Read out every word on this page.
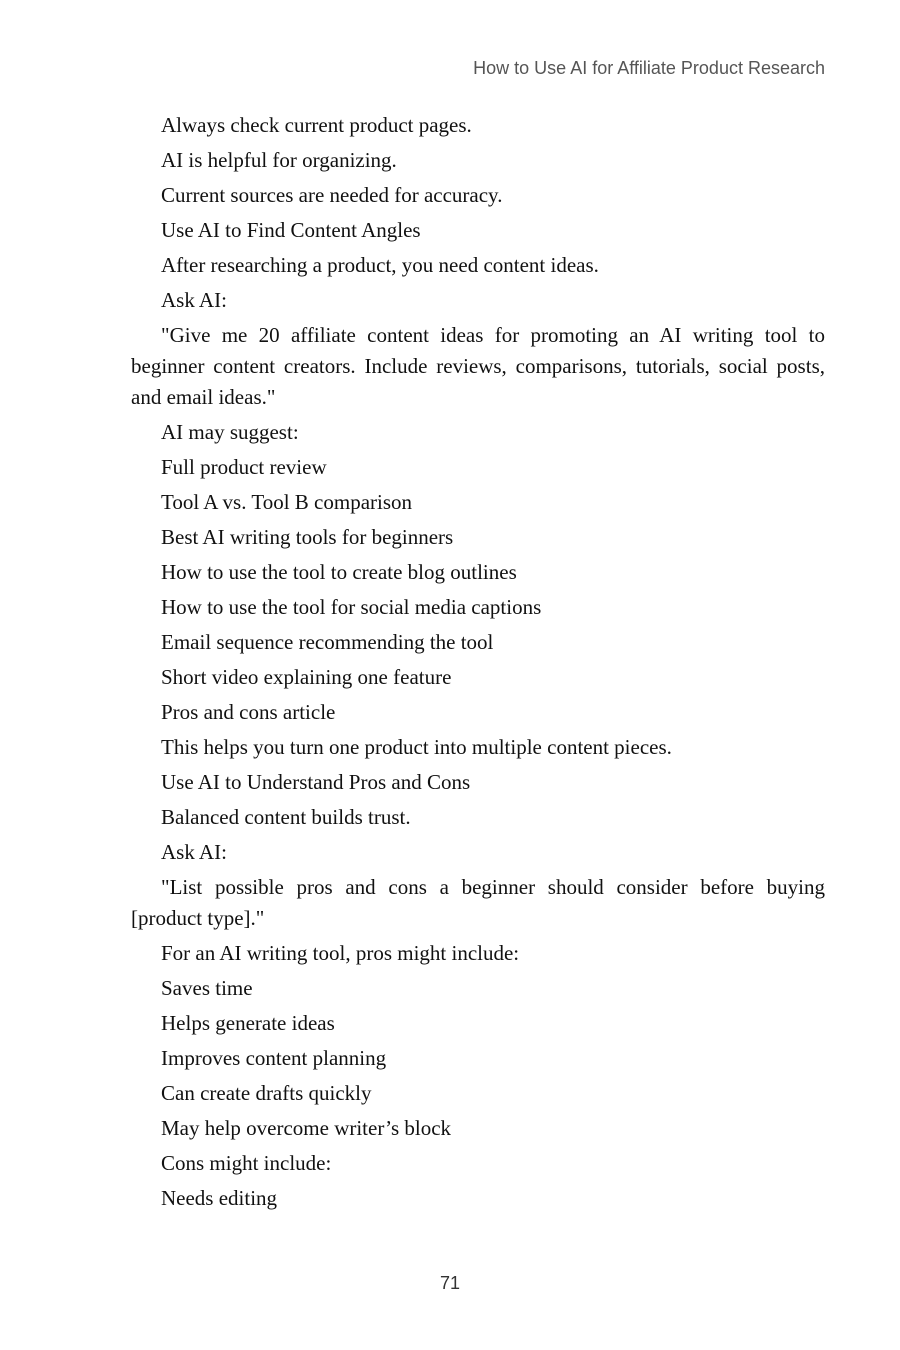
How to Use AI for Affiliate Product Research

Always check current product pages.

AI is helpful for organizing.

Current sources are needed for accuracy.

Use AI to Find Content Angles

After researching a product, you need content ideas.

Ask AI:

"Give me 20 affiliate content ideas for promoting an AI writing tool to beginner content creators. Include reviews, comparisons, tutorials, social posts, and email ideas."

AI may suggest:

Full product review

Tool A vs. Tool B comparison

Best AI writing tools for beginners

How to use the tool to create blog outlines

How to use the tool for social media captions

Email sequence recommending the tool

Short video explaining one feature

Pros and cons article

This helps you turn one product into multiple content pieces.

Use AI to Understand Pros and Cons

Balanced content builds trust.

Ask AI:

"List possible pros and cons a beginner should consider before buying [product type]."

For an AI writing tool, pros might include:

Saves time

Helps generate ideas

Improves content planning

Can create drafts quickly

May help overcome writer’s block

Cons might include:

Needs editing

71
